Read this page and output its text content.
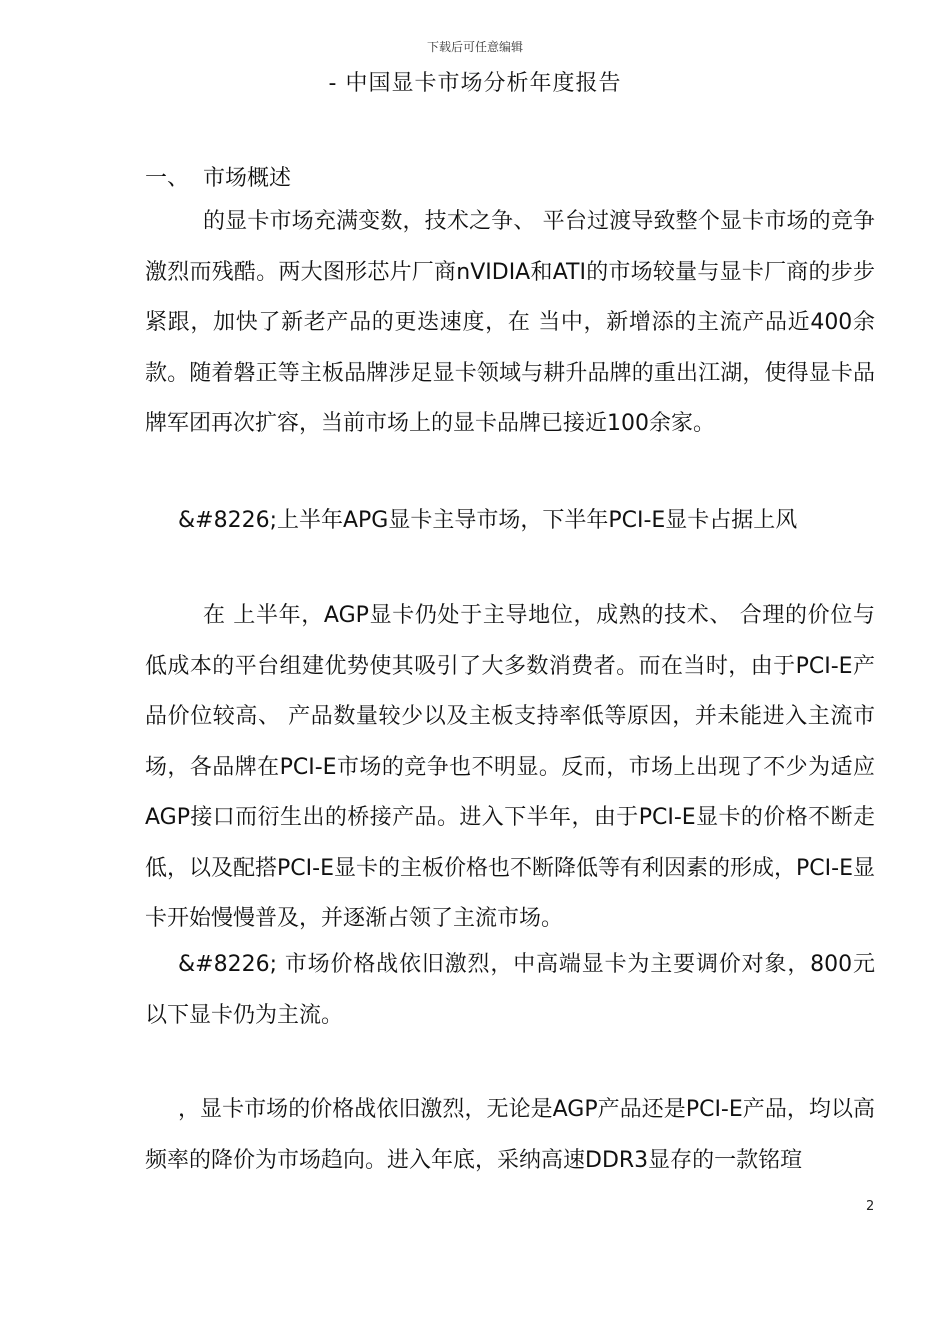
下载后可任意编辑
- 中国显卡市场分析年度报告
一、 市场概述

的显卡市场充满变数，技术之争、 平台过渡导致整个显卡市场的竞争激烈而残酷。两大图形芯片厂商nVIDIA和ATI的市场较量与显卡厂商的步步紧跟，加快了新老产品的更迭速度，在 当中，新增添的主流产品近400余款。随着磐正等主板品牌涉足显卡领域与耕升品牌的重出江湖，使得显卡品牌军团再次扩容，当前市场上的显卡品牌已接近100余家。

&#8226;上半年APG显卡主导市场，下半年PCI-E显卡占据上风

在 上半年，AGP显卡仍处于主导地位，成熟的技术、 合理的价位与低成本的平台组建优势使其吸引了大多数消费者。而在当时，由于PCI-E产品价位较高、 产品数量较少以及主板支持率低等原因，并未能进入主流市场，各品牌在PCI-E市场的竞争也不明显。反而，市场上出现了不少为适应AGP接口而衍生出的桥接产品。进入下半年，由于PCI-E显卡的价格不断走低，以及配搭PCI-E显卡的主板价格也不断降低等有利因素的形成，PCI-E显卡开始慢慢普及，并逐渐占领了主流市场。

&#8226; 市场价格战依旧激烈，中高端显卡为主要调价对象，800元以下显卡仍为主流。

，显卡市场的价格战依旧激烈，无论是AGP产品还是PCI-E产品，均以高频率的降价为市场趋向。进入年底，采纳高速DDR3显存的一款铭瑄

2
